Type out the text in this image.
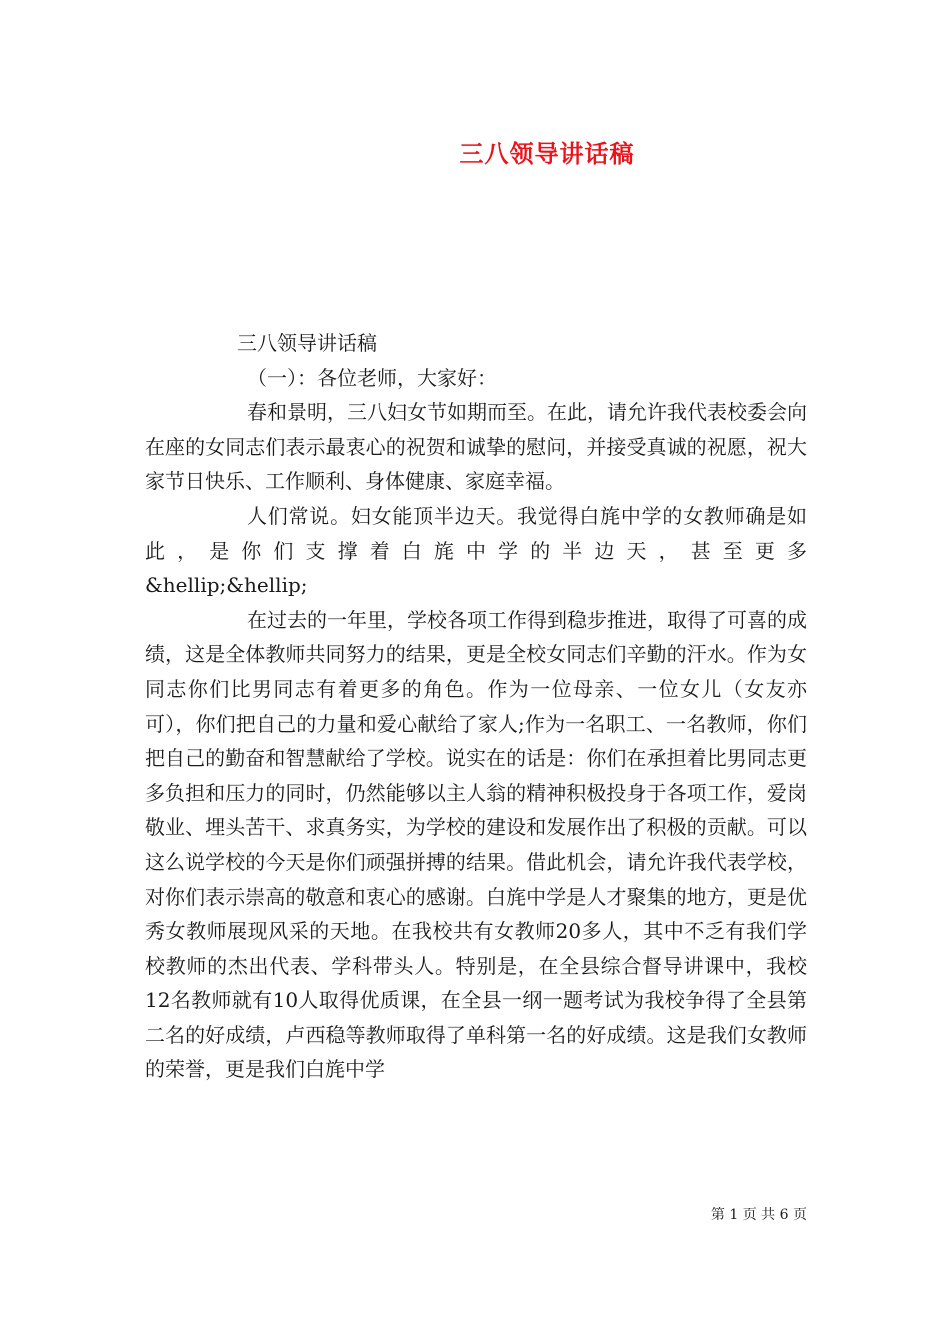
三八领导讲话稿

三八领导讲话稿

（一）：各位老师，大家好：

春和景明，三八妇女节如期而至。在此，请允许我代表校委会向在座的女同志们表示最衷心的祝贺和诚挚的慰问，并接受真诚的祝愿，祝大家节日快乐、工作顺利、身体健康、家庭幸福。

人们常说。妇女能顶半边天。我觉得白旄中学的女教师确是如此，是你们支撑着白旄中学的半边天，甚至更多

&hellip;&hellip;

在过去的一年里，学校各项工作得到稳步推进，取得了可喜的成绩，这是全体教师共同努力的结果，更是全校女同志们辛勤的汗水。作为女同志你们比男同志有着更多的角色。作为一位母亲、一位女儿（女友亦可），你们把自己的力量和爱心献给了家人;作为一名职工、一名教师，你们把自己的勤奋和智慧献给了学校。说实在的话是：你们在承担着比男同志更多负担和压力的同时，仍然能够以主人翁的精神积极投身于各项工作，爱岗敬业、埋头苦干、求真务实，为学校的建设和发展作出了积极的贡献。可以这么说学校的今天是你们顽强拼搏的结果。借此机会，请允许我代表学校，对你们表示崇高的敬意和衷心的感谢。白旄中学是人才聚集的地方，更是优秀女教师展现风采的天地。在我校共有女教师20多人，其中不乏有我们学校教师的杰出代表、学科带头人。特别是，在全县综合督导讲课中，我校12名教师就有10人取得优质课，在全县一纲一题考试为我校争得了全县第二名的好成绩，卢西稳等教师取得了单科第一名的好成绩。这是我们女教师的荣誉，更是我们白旄中学

第 1 页 共 6 页
